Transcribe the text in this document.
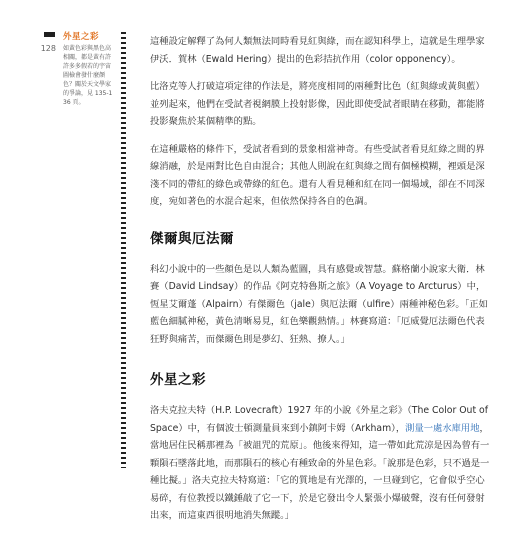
128

外星之彩

如黃色彩與黑色高相關，都是黃有許許多多假若的宇宙圖檢會發什麼顏色？關於天文學家的爭論，見 135-136 頁。

這種設定解釋了為何人類無法同時看見紅與綠，而在認知科學上，這就是生理學家伊沃．賀林（Ewald Hering）提出的色彩拮抗作用（color opponency）。

比洛克等人打破這項定律的作法是，將亮度相同的兩種對比色（紅與綠或黃與藍）並列起來，他們在受試者視網膜上投射影像，因此即使受試者眼睛在移動，都能將投影聚焦於某個精準的點。

在這種嚴格的條件下，受試者看到的景象相當神奇。有些受試者看見紅綠之間的界線消融，於是兩對比色自由混合；其他人則說在紅與綠之間有個極模糊，裡頭是深淺不同的帶紅的綠色或帶綠的紅色。還有人看見種和紅在同一個場域，卻在不同深度，宛如著色的水混合起來，但依然保持各自的色調。

傑爾與厄法爾

科幻小說中的一些顏色是以人類為藍圖，具有感覺或智慧。蘇格蘭小說家大衛．林賽（David Lindsay）的作品《阿克特魯斯之旅》（A Voyage to Arcturus）中，恆星艾爾蓬（Alpairn）有傑爾色（jale）與厄法爾（ulfire）兩種神秘色彩。「正如藍色細膩神秘，黃色清晰易見，紅色樂觀熱情。」林賽寫道：「厄威覺厄法爾色代表狂野與痛苦，而傑爾色則是夢幻、狂熱、撩人。」

外星之彩

洛夫克拉夫特（H.P. Lovecraft）1927 年的小說《外星之彩》（The Color Out of Space）中，有個波士頓測量員來到小鎮阿卡姆（Arkham），測量一處水庫用地，當地居住民稱那裡為「被詛咒的荒原」。他後來得知，這一帶如此荒涼是因為曾有一顆隕石墜落此地，而那隕石的核心有種致命的外星色彩。「說那是色彩，只不過是一種比擬。」洛夫克拉夫特寫道：「它的質地是有光澤的，一旦碰到它，它會似乎空心易碎，有位教授以鐵錘敲了它一下，於是它發出令人緊張小爆破聲，沒有任何發射出來，而這東西很明地消失無蹤。」
